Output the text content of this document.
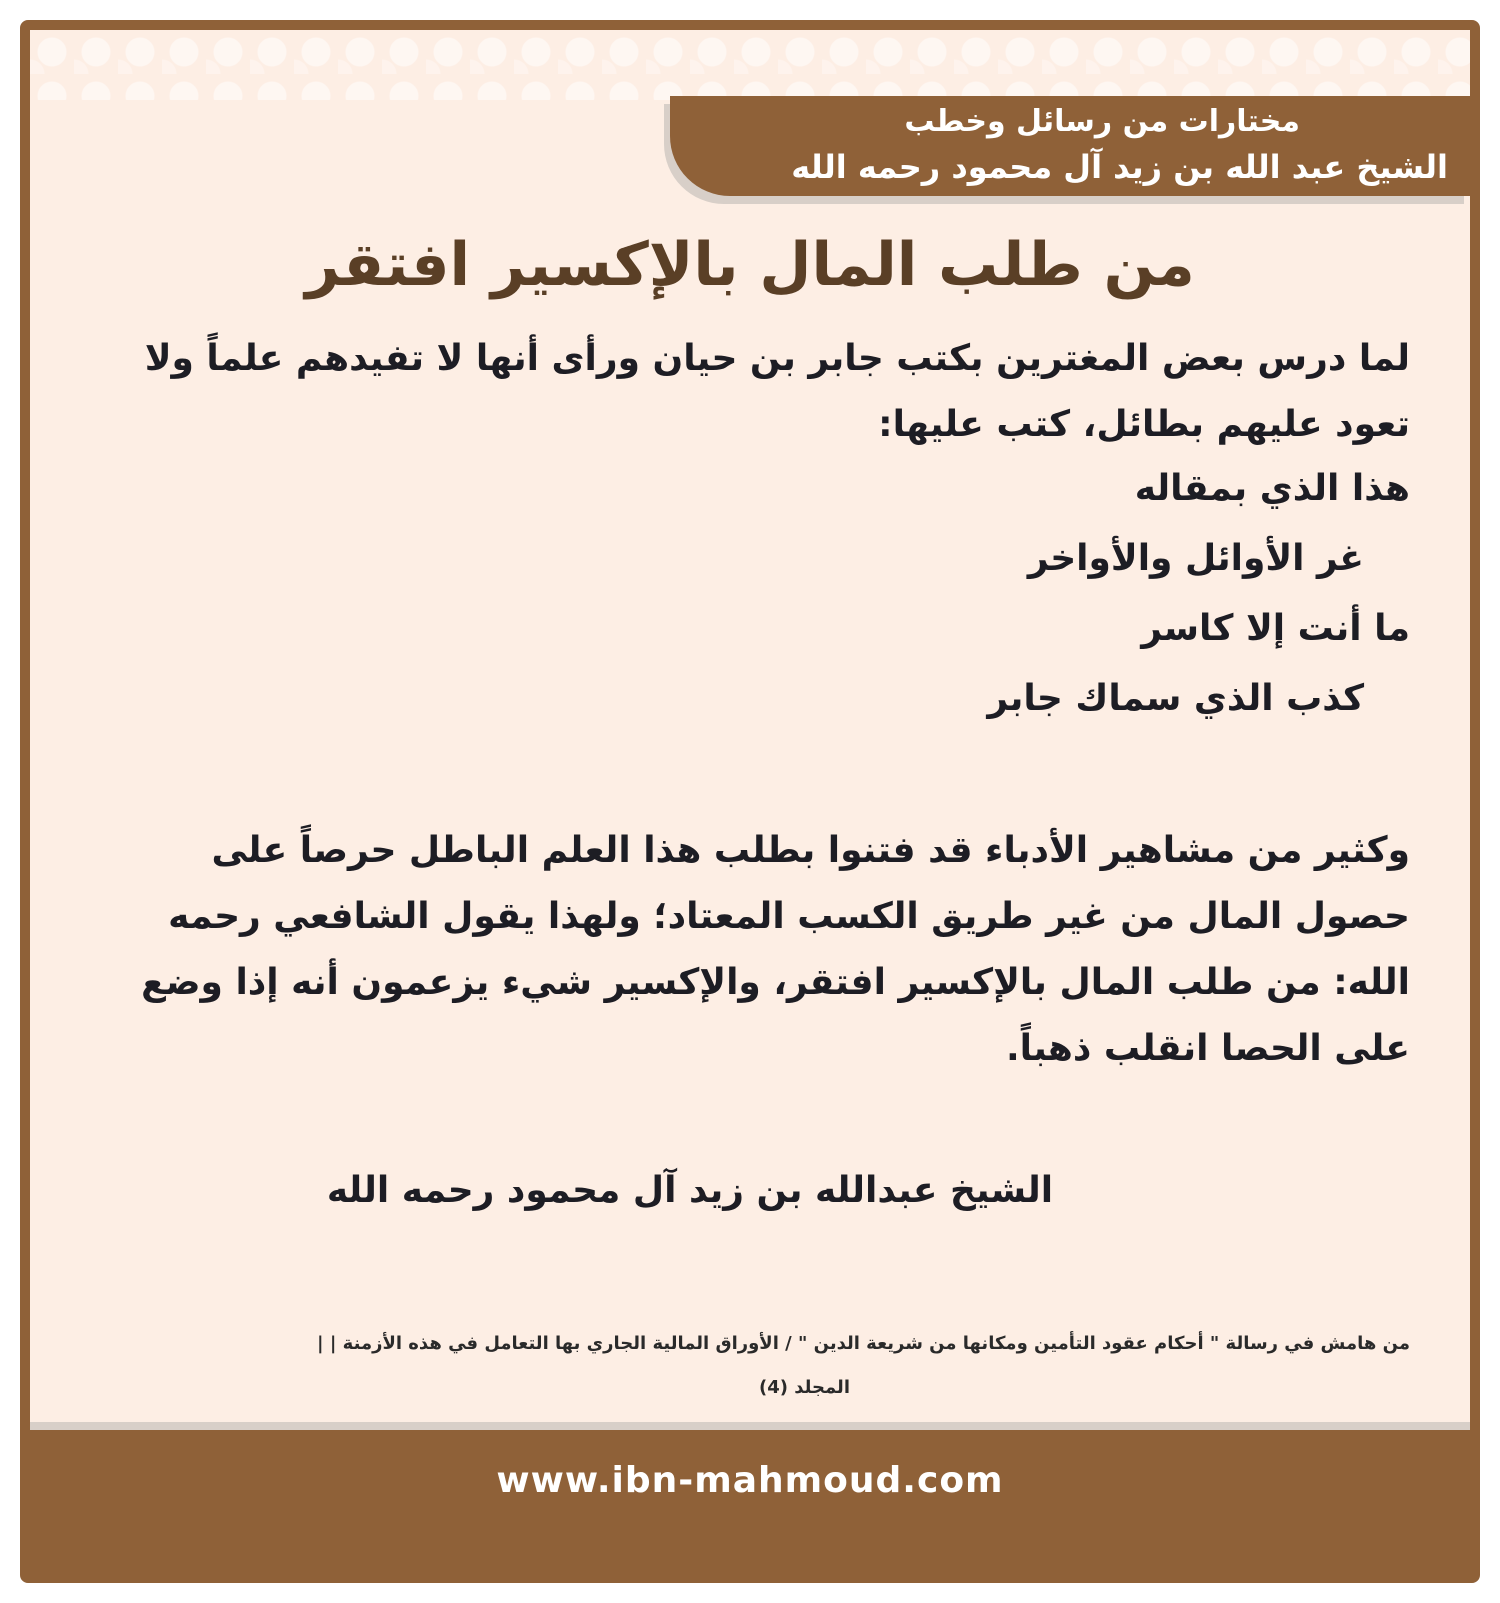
مختارات من رسائل وخطب
الشيخ عبد الله بن زيد آل محمود رحمه الله
من طلب المال بالإكسير افتقر
لما درس بعض المغترين بكتب جابر بن حيان ورأى أنها لا تفيدهم علماً ولا تعود عليهم بطائل، كتب عليها:
هذا الذي بمقاله
غر الأوائل والأواخر
ما أنت إلا كاسر
كذب الذي سماك جابر
وكثير من مشاهير الأدباء قد فتنوا بطلب هذا العلم الباطل حرصاً على حصول المال من غير طريق الكسب المعتاد؛ ولهذا يقول الشافعي رحمه الله: من طلب المال بالإكسير افتقر، والإكسير شيء يزعمون أنه إذا وضع على الحصا انقلب ذهباً.
الشيخ عبدالله بن زيد آل محمود رحمه الله
من هامش في رسالة " أحكام عقود التأمين ومكانها من شريعة الدين " / الأوراق المالية الجاري بها التعامل في هذه الأزمنة | |
المجلد (4)
www.ibn-mahmoud.com
